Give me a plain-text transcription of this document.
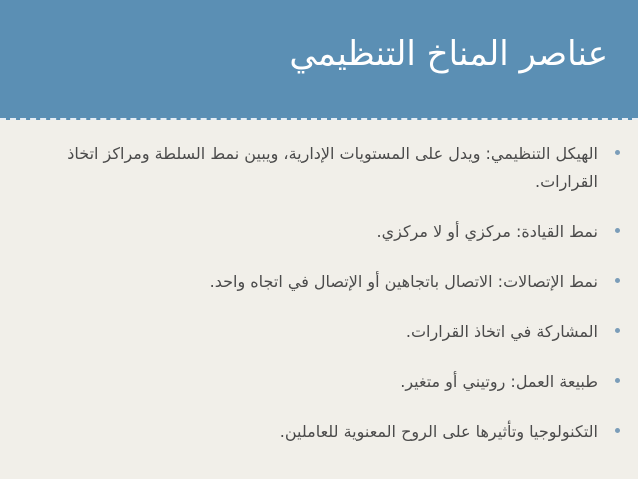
عناصر المناخ التنظيمي
الهيكل التنظيمي: ويدل على المستويات الإدارية، ويبين نمط السلطة ومراكز اتخاذ القرارات.
نمط القيادة: مركزي أو لا مركزي.
نمط الإتصالات: الاتصال باتجاهين أو الإتصال في اتجاه واحد.
المشاركة في اتخاذ القرارات.
طبيعة العمل: روتيني أو متغير.
التكنولوجيا وتأثيرها على الروح المعنوية للعاملين.
